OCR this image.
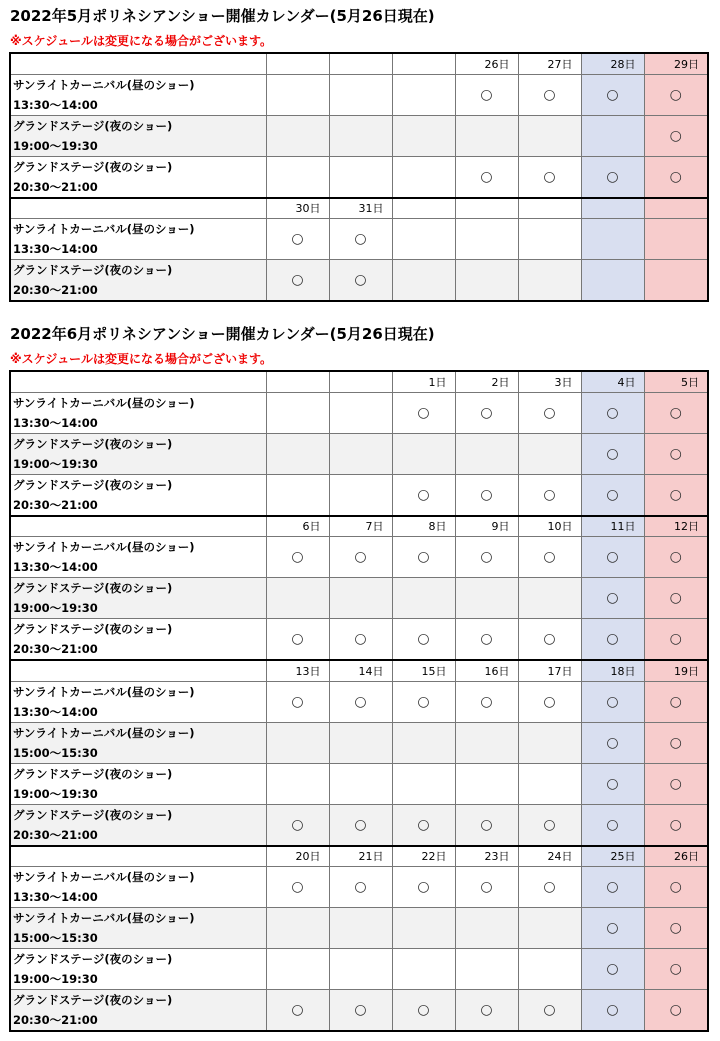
2022年5月ポリネシアンショー開催カレンダー(5月26日現在)
※スケジュールは変更になる場合がございます。
				26日	27日	28日	29日

サンライトカーニバル(昼のショー)
13:30～14:00				○	○	○	○

グランドステージ(夜のショー)
19:00～19:30							○

グランドステージ(夜のショー)
20:30～21:00				○	○	○	○
	30日	31日					

サンライトカーニバル(昼のショー)
13:30～14:00	○	○					

グランドステージ(夜のショー)
20:30～21:00	○	○					
2022年6月ポリネシアンショー開催カレンダー(5月26日現在)
※スケジュールは変更になる場合がございます。
			1日	2日	3日	4日	5日

サンライトカーニバル(昼のショー)
13:30～14:00			○	○	○	○	○

グランドステージ(夜のショー)
19:00～19:30						○	○

グランドステージ(夜のショー)
20:30～21:00			○	○	○	○	○
	6日	7日	8日	9日	10日	11日	12日

サンライトカーニバル(昼のショー)
13:30～14:00	○	○	○	○	○	○	○

グランドステージ(夜のショー)
19:00～19:30						○	○

グランドステージ(夜のショー)
20:30～21:00	○	○	○	○	○	○	○
	13日	14日	15日	16日	17日	18日	19日

サンライトカーニバル(昼のショー)
13:30～14:00	○	○	○	○	○	○	○

サンライトカーニバル(昼のショー)
15:00～15:30						○	○

グランドステージ(夜のショー)
19:00～19:30						○	○

グランドステージ(夜のショー)
20:30～21:00	○	○	○	○	○	○	○
	20日	21日	22日	23日	24日	25日	26日

サンライトカーニバル(昼のショー)
13:30～14:00	○	○	○	○	○	○	○

サンライトカーニバル(昼のショー)
15:00～15:30						○	○

グランドステージ(夜のショー)
19:00～19:30						○	○

グランドステージ(夜のショー)
20:30～21:00	○	○	○	○	○	○	○
